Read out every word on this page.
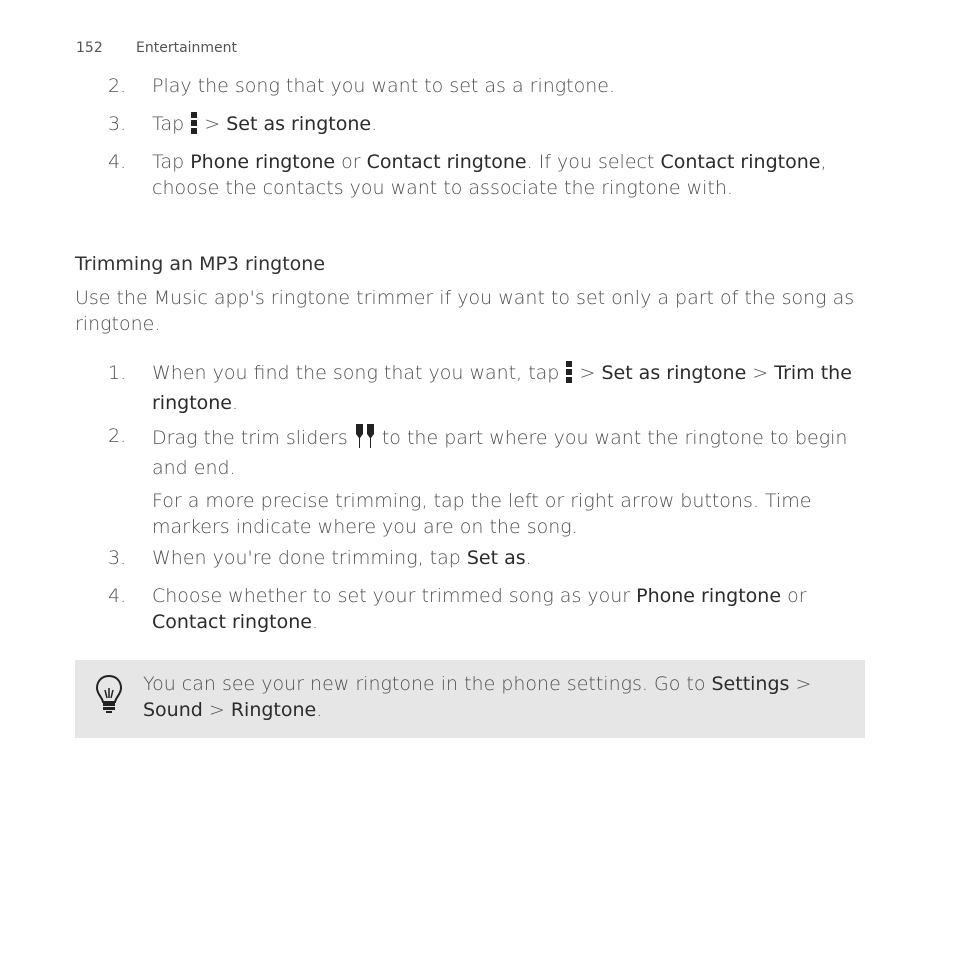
152 Entertainment
2. Play the song that you want to set as a ringtone.
3. Tap > Set as ringtone.
4. Tap Phone ringtone or Contact ringtone. If you select Contact ringtone, choose the contacts you want to associate the ringtone with.
Trimming an MP3 ringtone
Use the Music app's ringtone trimmer if you want to set only a part of the song as ringtone.
1. When you find the song that you want, tap > Set as ringtone > Trim the ringtone.
2. Drag the trim sliders to the part where you want the ringtone to begin and end.
For a more precise trimming, tap the left or right arrow buttons. Time markers indicate where you are on the song.
3. When you're done trimming, tap Set as.
4. Choose whether to set your trimmed song as your Phone ringtone or Contact ringtone.
You can see your new ringtone in the phone settings. Go to Settings > Sound > Ringtone.
